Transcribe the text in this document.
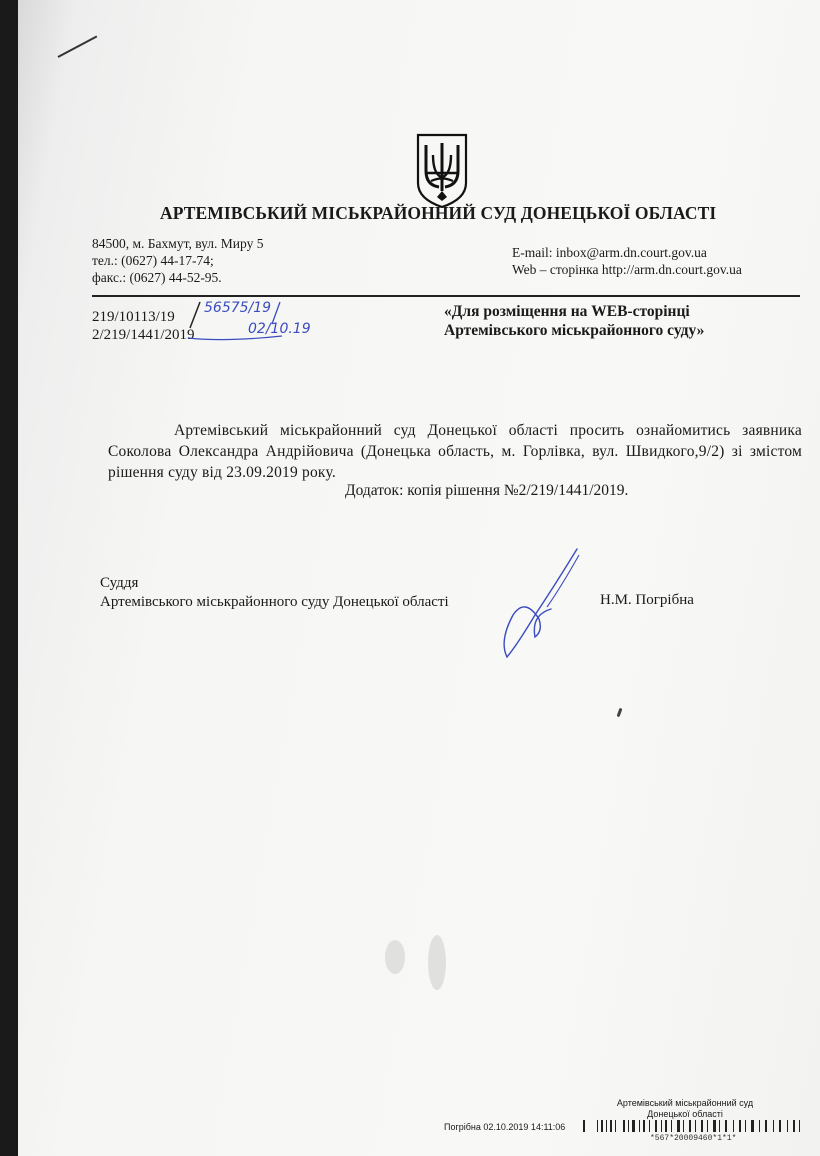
АРТЕМІВСЬКИЙ МІСЬКРАЙОННИЙ СУД ДОНЕЦЬКОЇ ОБЛАСТІ
84500, м. Бахмут, вул. Миру 5
тел.: (0627) 44-17-74;
факс.: (0627) 44-52-95.
E-mail: inbox@arm.dn.court.gov.ua
Web – сторінка http://arm.dn.court.gov.ua
219/10113/19
2/219/1441/2019
56575/19
02/10.19
«Для розміщення на WEB-сторінці
Артемівського міськрайонного суду»
Артемівський міськрайонний суд Донецької області просить ознайомитись заявника Соколова Олександра Андрійовича (Донецька область, м. Горлівка, вул. Швидкого,9/2) зі змістом рішення суду від 23.09.2019 року.
Додаток: копія рішення №2/219/1441/2019.
Суддя
Артемівського міськрайонного суду Донецької області	Н.М. Погрібна
Артемівський міськрайонний суд
Донецької області
Погрібна 02.10.2019 14:11:06
*567*20009460*1*1*
